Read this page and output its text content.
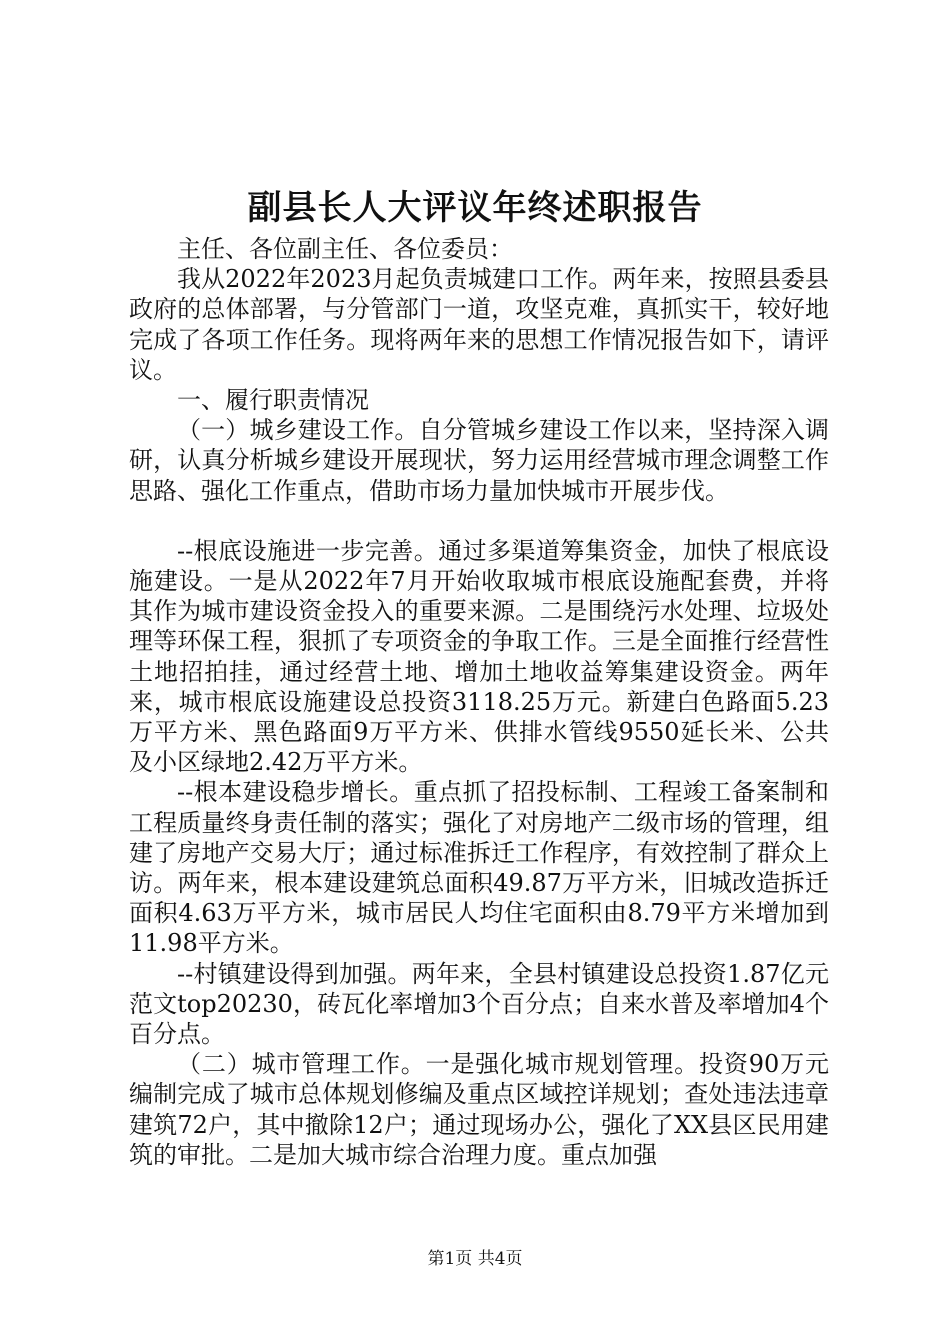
副县长人大评议年终述职报告

主任、各位副主任、各位委员：

我从2022年2023月起负责城建口工作。两年来，按照县委县政府的总体部署，与分管部门一道，攻坚克难，真抓实干，较好地完成了各项工作任务。现将两年来的思想工作情况报告如下，请评议。

一、履行职责情况

（一）城乡建设工作。自分管城乡建设工作以来，坚持深入调研，认真分析城乡建设开展现状，努力运用经营城市理念调整工作思路、强化工作重点，借助市场力量加快城市开展步伐。

--根底设施进一步完善。通过多渠道筹集资金，加快了根底设施建设。一是从2022年7月开始收取城市根底设施配套费，并将其作为城市建设资金投入的重要来源。二是围绕污水处理、垃圾处理等环保工程，狠抓了专项资金的争取工作。三是全面推行经营性土地招拍挂，通过经营土地、增加土地收益筹集建设资金。两年来，城市根底设施建设总投资3118.25万元。新建白色路面5.23万平方米、黑色路面9万平方米、供排水管线9550延长米、公共及小区绿地2.42万平方米。

--根本建设稳步增长。重点抓了招投标制、工程竣工备案制和工程质量终身责任制的落实；强化了对房地产二级市场的管理，组建了房地产交易大厅；通过标准拆迁工作程序，有效控制了群众上访。两年来，根本建设建筑总面积49.87万平方米，旧城改造拆迁面积4.63万平方米，城市居民人均住宅面积由8.79平方米增加到11.98平方米。

--村镇建设得到加强。两年来，全县村镇建设总投资1.87亿元范文top20230，砖瓦化率增加3个百分点；自来水普及率增加4个百分点。

（二）城市管理工作。一是强化城市规划管理。投资90万元编制完成了城市总体规划修编及重点区域控详规划；查处违法违章建筑72户，其中撤除12户；通过现场办公，强化了XX县区民用建筑的审批。二是加大城市综合治理力度。重点加强

第1页 共4页
